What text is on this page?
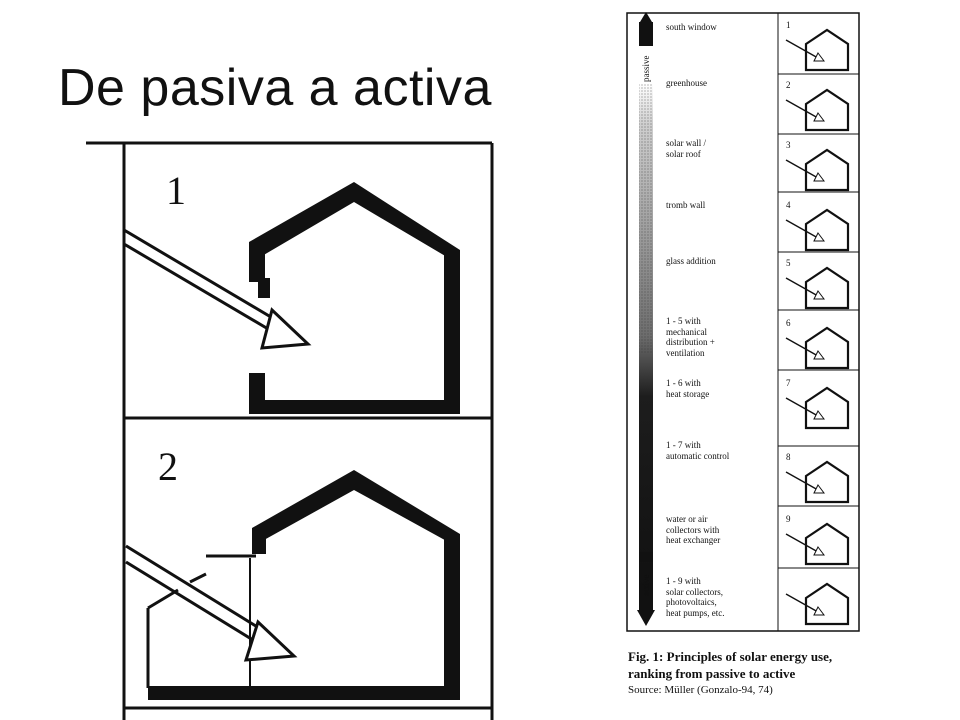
De pasiva a activa
1
2
passive
active
1
2
3
4
5
6
7
8
9
south window
greenhouse
solar wall /
solar roof
tromb wall
glass addition
1 - 5 with
mechanical
distribution +
ventilation
1 - 6 with
heat storage
1 - 7 with
automatic control
water or air
collectors with
heat exchanger
1 - 9 with
solar collectors,
photovoltaics,
heat pumps, etc.
Fig. 1: Principles of solar energy use,
ranking from passive to active
Source: Müller (Gonzalo-94, 74)
